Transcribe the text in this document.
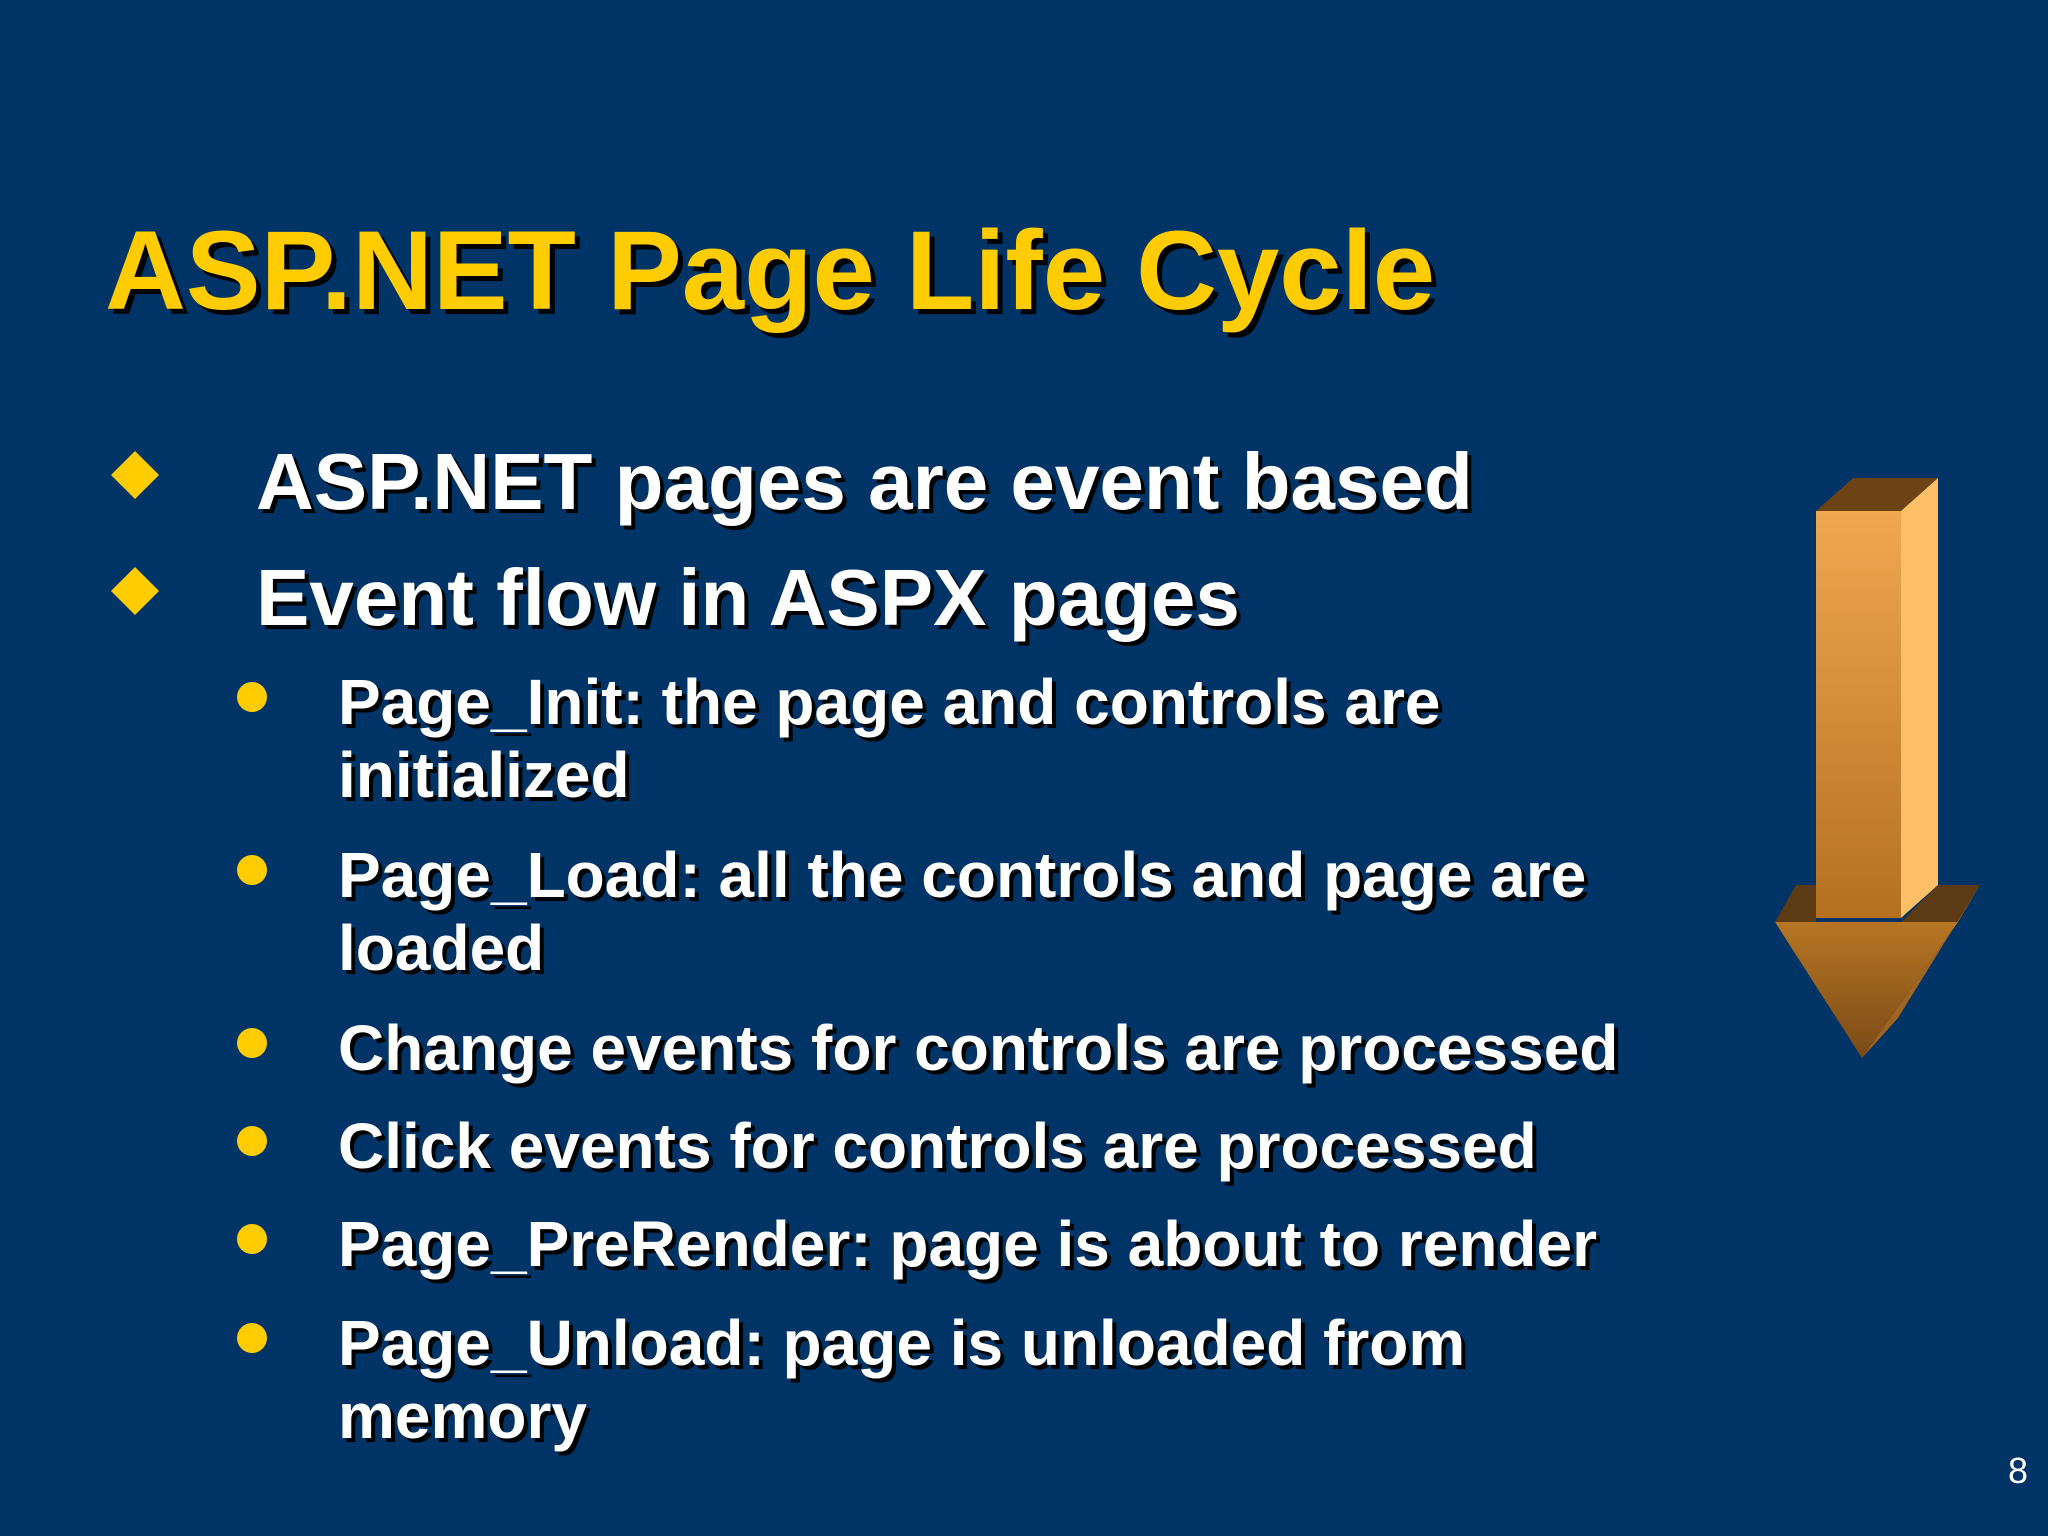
ASP.NET Page Life Cycle
ASP.NET pages are event based
Event flow in ASPX pages
Page_Init: the page and controls are
initialized
Page_Load: all the controls and page are
loaded
Change events for controls are processed
Click events for controls are processed
Page_PreRender: page is about to render
Page_Unload: page is unloaded from
memory
8
